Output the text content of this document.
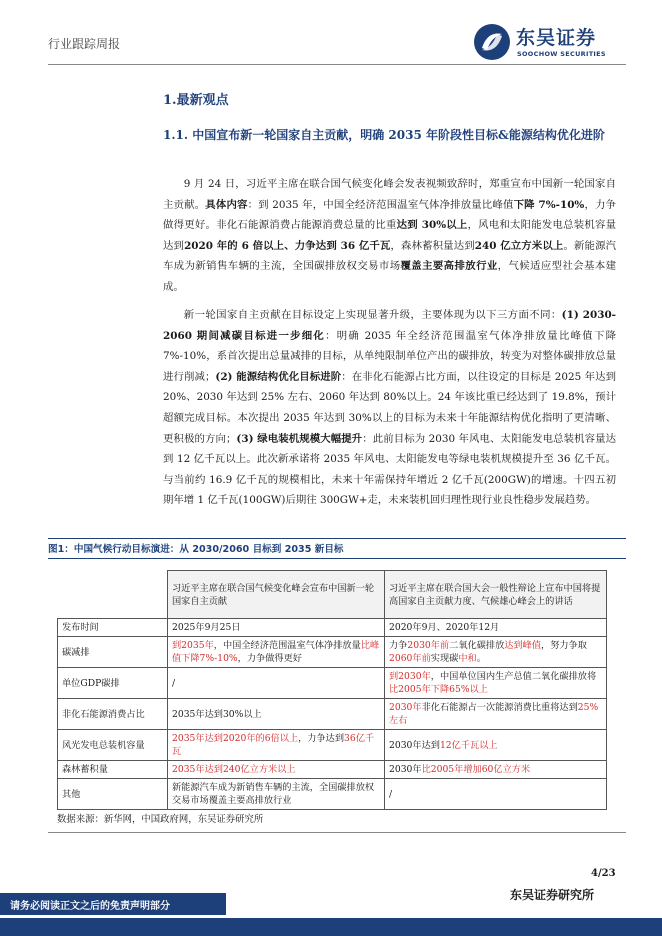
行业跟踪周报	东吴证券
SOOCHOW SECURITIES
1.最新观点
1.1. 中国宣布新一轮国家自主贡献，明确 2035 年阶段性目标&能源结构优化进阶
9 月 24 日，习近平主席在联合国气候变化峰会发表视频致辞时，郑重宣布中国新一轮国家自主贡献。具体内容：到 2035 年，中国全经济范围温室气体净排放量比峰值下降 7%-10%，力争做得更好。非化石能源消费占能源消费总量的比重达到 30%以上，风电和太阳能发电总装机容量达到2020 年的 6 倍以上、力争达到 36 亿千瓦，森林蓄积量达到240 亿立方米以上。新能源汽车成为新销售车辆的主流，全国碳排放权交易市场覆盖主要高排放行业，气候适应型社会基本建成。
新一轮国家自主贡献在目标设定上实现显著升级，主要体现为以下三方面不同：(1) 2030-2060 期间减碳目标进一步细化：明确 2035 年全经济范围温室气体净排放量比峰值下降 7%-10%，系首次提出总量减排的目标，从单纯限制单位产出的碳排放，转变为对整体碳排放总量进行削减；(2) 能源结构优化目标进阶：在非化石能源占比方面，以往设定的目标是 2025 年达到 20%、2030 年达到 25% 左右、2060 年达到 80%以上。24 年该比重已经达到了 19.8%，预计超额完成目标。本次提出 2035 年达到 30%以上的目标为未来十年能源结构优化指明了更清晰、更积极的方向；(3) 绿电装机规模大幅提升：此前目标为 2030 年风电、太阳能发电总装机容量达到 12 亿千瓦以上。此次新承诺将 2035 年风电、太阳能发电等绿电装机规模提升至 36 亿千瓦。与当前约 16.9 亿千瓦的规模相比，未来十年需保持年增近 2 亿千瓦(200GW)的增速。十四五初期年增 1 亿千瓦(100GW)后期往 300GW+走，未来装机回归理性现行业良性稳步发展趋势。
图1：中国气候行动目标演进：从 2030/2060 目标到 2035 新目标
	习近平主席在联合国气候变化峰会宣布中国新一轮国家自主贡献	习近平主席在联合国大会一般性辩论上宣布中国将提高国家自主贡献力度、气候雄心峰会上的讲话
发布时间	2025年9月25日	2020年9月、2020年12月
碳减排	到2035年，中国全经济范围温室气体净排放量比峰值下降7%-10%，力争做得更好	力争2030年前二氧化碳排放达到峰值，努力争取2060年前实现碳中和。
单位GDP碳排	/	到2030年，中国单位国内生产总值二氧化碳排放将比2005年下降65%以上
非化石能源消费占比	2035年达到30%以上	2030年非化石能源占一次能源消费比重将达到25%左右
风光发电总装机容量	2035年达到2020年的6倍以上，力争达到36亿千瓦	2030年达到12亿千瓦以上
森林蓄积量	2035年达到240亿立方米以上	2030年比2005年增加60亿立方米
其他	新能源汽车成为新销售车辆的主流，全国碳排放权交易市场覆盖主要高排放行业	/
数据来源：新华网，中国政府网，东吴证券研究所
4/23
东吴证券研究所
请务必阅读正文之后的免责声明部分
